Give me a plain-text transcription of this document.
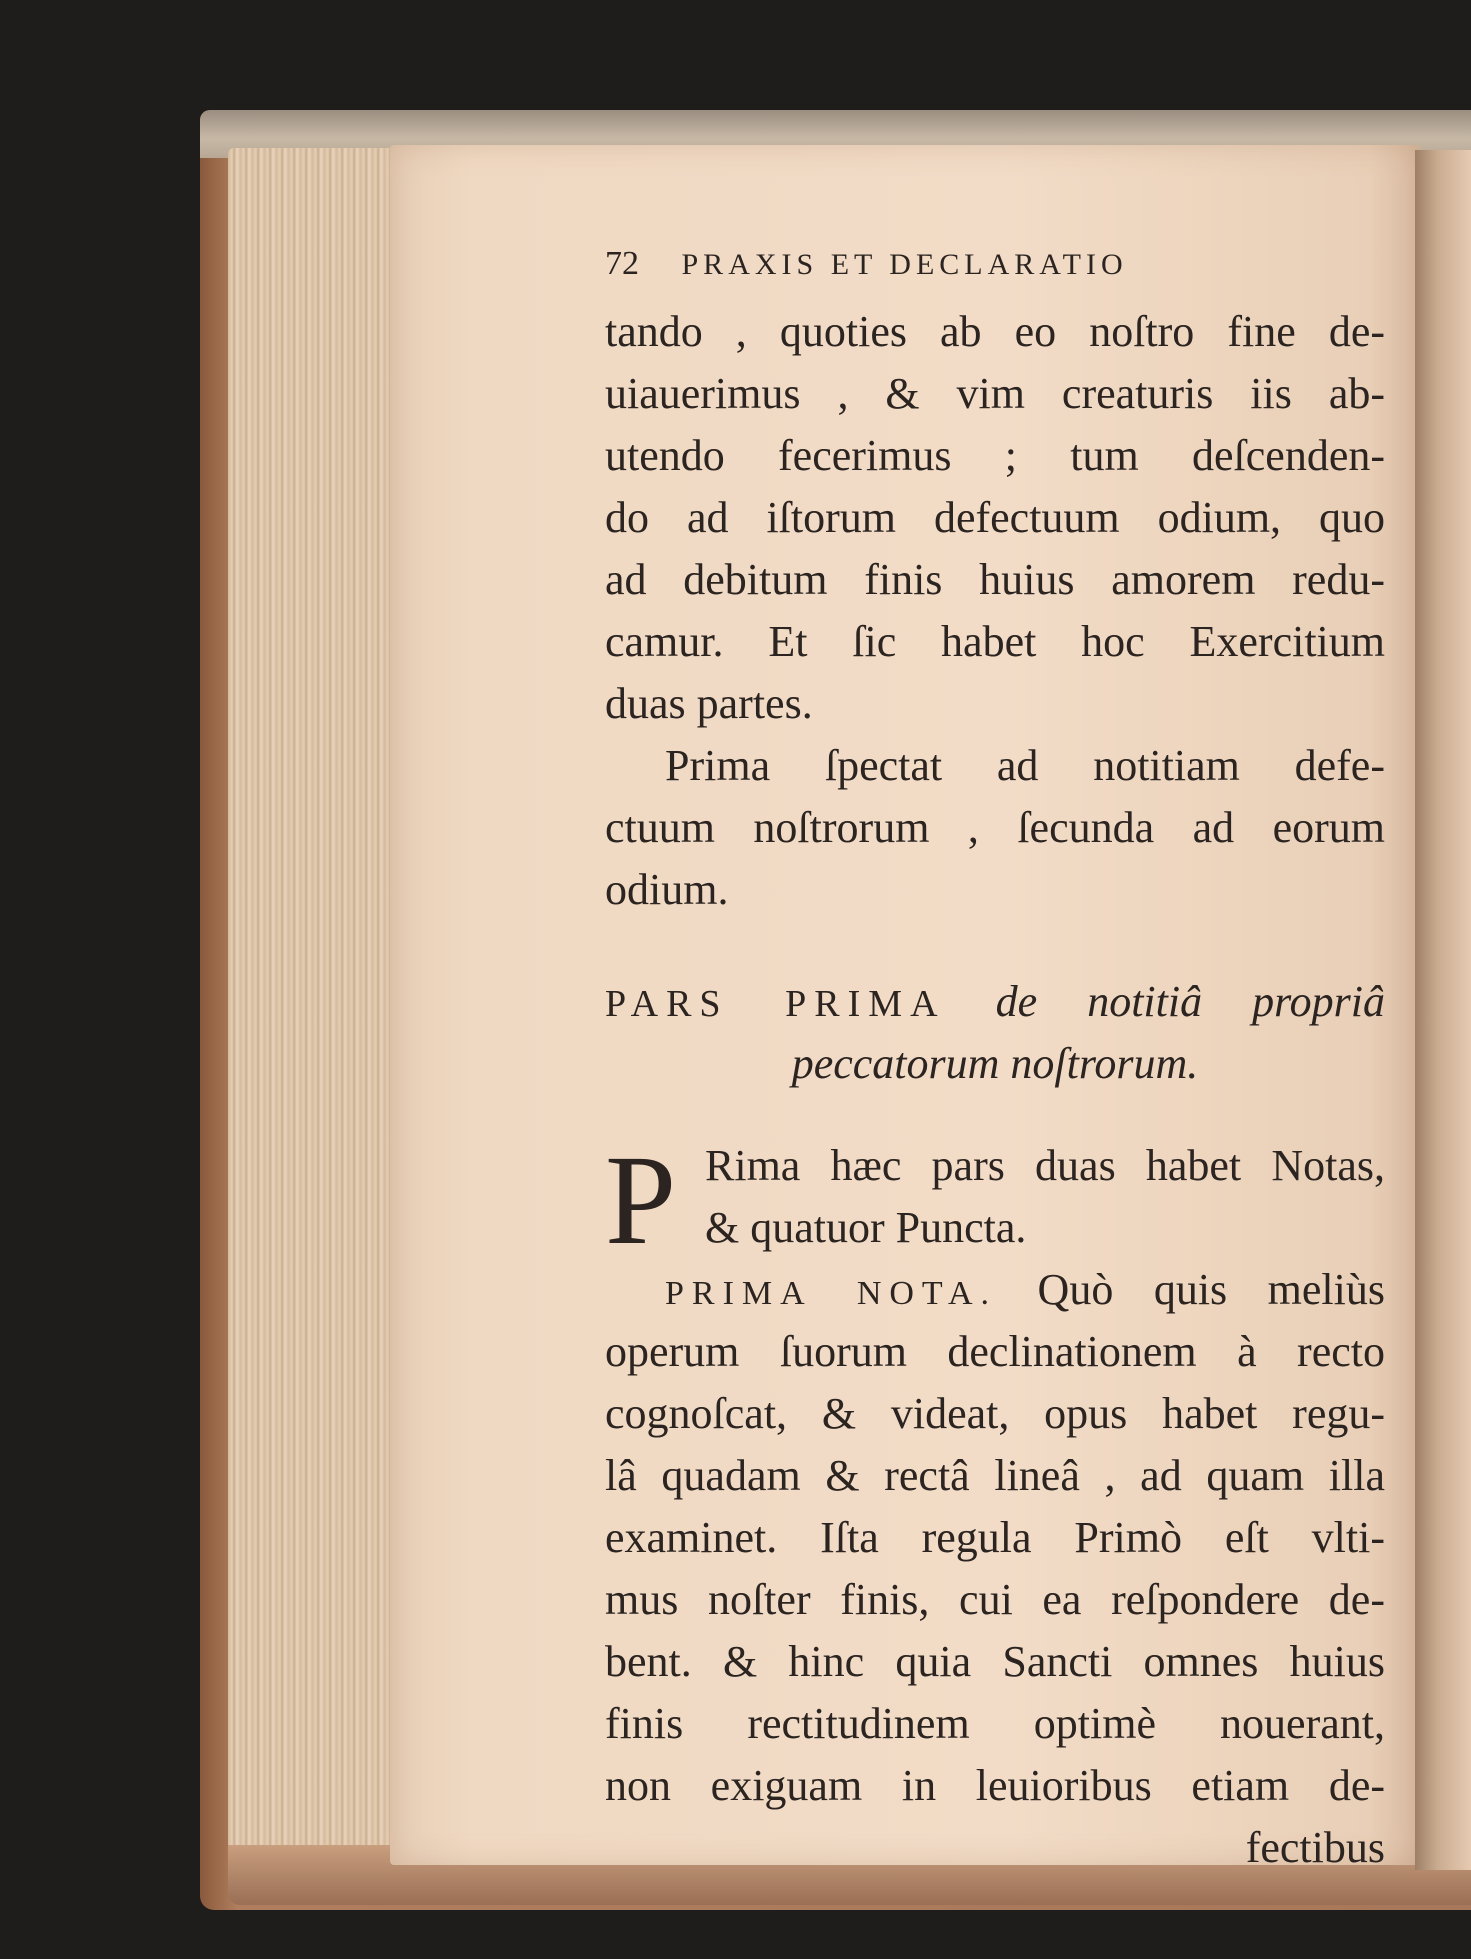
72 PRAXIS ET DECLARATIO
tando , quoties ab eo noſtro fine de-
uiauerimus , & vim creaturis iis ab-
utendo fecerimus ; tum deſcenden-
do ad iſtorum defectuum odium, quo
ad debitum finis huius amorem redu-
camur. Et ſic habet hoc Exercitium
duas partes.
Prima ſpectat ad notitiam defe-
ctuum noſtrorum , ſecunda ad eorum
odium.
PARS PRIMA de notitiâ propriâ
peccatorum noſtrorum.
P Rima hæc pars duas habet Notas,
& quatuor Puncta.
PRIMA NOTA. Quò quis meliùs
operum ſuorum declinationem à recto
cognoſcat, & videat, opus habet regu-
lâ quadam & rectâ lineâ , ad quam illa
examinet. Iſta regula Primò eſt vlti-
mus noſter finis, cui ea reſpondere de-
bent. & hinc quia Sancti omnes huius
finis rectitudinem optimè nouerant,
non exiguam in leuioribus etiam de-
fectibus
